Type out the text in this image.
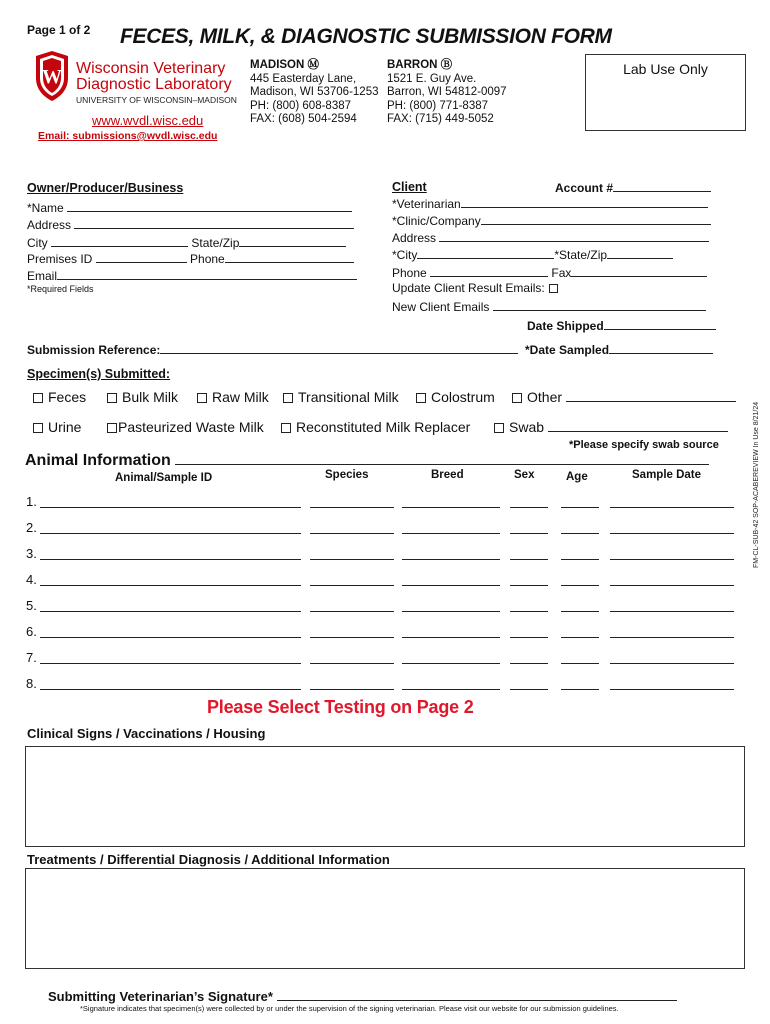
Page 1 of 2 FECES, MILK, & DIAGNOSTIC SUBMISSION FORM
W Wisconsin Veterinary
Diagnostic Laboratory
UNIVERSITY OF WISCONSIN–MADISON
www.wvdl.wisc.edu
Email: submissions@wvdl.wisc.edu
MADISON Ⓜ
445 Easterday Lane,
Madison, WI 53706-1253
PH: (800) 608-8387
FAX: (608) 504-2594
BARRON Ⓑ
1521 E. Guy Ave.
Barron, WI 54812-0097
PH: (800) 771-8387
FAX: (715) 449-5052
Lab Use Only
Owner/Producer/Business
*Name
Address
City	State/Zip
Premises ID	Phone
Email
*Required Fields
Client	Account #
*Veterinarian
*Clinic/Company
Address
*City	*State/Zip
Phone	Fax
Update Client Result Emails:
New Client Emails
Date Shipped
Submission Reference:	*Date Sampled
Specimen(s) Submitted:
Feces	Bulk Milk	Raw Milk	Transitional Milk	Colostrum	Other
Urine	Pasteurized Waste Milk	Reconstituted Milk Replacer	Swab
*Please specify swab source	FM-CL-SUB-42 SOP-ACABEREVIEW In Use 8/21/24
Animal Information
Animal/Sample ID	Species	Breed	Sex	Age	Sample Date
1.
2.
3.
4.
5.
6.
7.
8.
Please Select Testing on Page 2
Clinical Signs / Vaccinations / Housing
Treatments / Differential Diagnosis / Additional Information
Submitting Veterinarian’s Signature*
*Signature indicates that specimen(s) were collected by or under the supervision of the signing veterinarian. Please visit our website for our submission guidelines.
